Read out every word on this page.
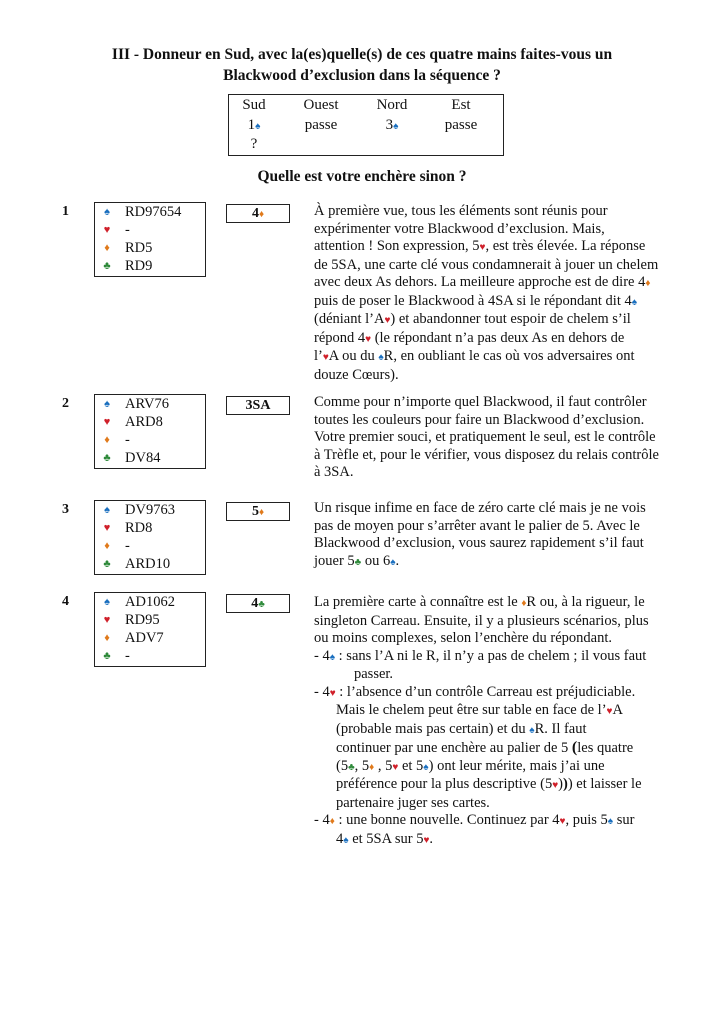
III - Donneur en Sud, avec la(es)quelle(s) de ces quatre mains faites-vous un
Blackwood d’exclusion dans la séquence ?
Sud	Ouest	Nord	Est
1♠	passe	3♠	passe
?
Quelle est votre enchère sinon ?
1	♠ RD97654
♥ -
♦ RD5
♣ RD9
4♦	À première vue, tous les éléments sont réunis pour

expérimenter votre Blackwood d’exclusion. Mais,

attention ! Son expression, 5♥, est très élevée. La réponse

de 5SA, une carte clé vous condamnerait à jouer un chelem

avec deux As dehors. La meilleure approche est de dire 4♦

puis de poser le Blackwood à 4SA si le répondant dit 4♠

(déniant l’A♥) et abandonner tout espoir de chelem s’il

répond 4♥ (le répondant n’a pas deux As en dehors de

l’♥A ou du ♠R, en oubliant le cas où vos adversaires ont

douze Cœurs).

2	♠ ARV76
♥ ARD8
♦ -
♣ DV84
3SA	Comme pour n’importe quel Blackwood, il faut contrôler

toutes les couleurs pour faire un Blackwood d’exclusion.

Votre premier souci, et pratiquement le seul, est le contrôle

à Trèfle et, pour le vérifier, vous disposez du relais contrôle

à 3SA.

3	♠ DV9763
♥ RD8
♦ -
♣ ARD10
5♦	Un risque infime en face de zéro carte clé mais je ne vois

pas de moyen pour s’arrêter avant le palier de 5. Avec le

Blackwood d’exclusion, vous saurez rapidement s’il faut

jouer 5♣ ou 6♠.

4	♠ AD1062
♥ RD95
♦ ADV7
♣ -
4♣	La première carte à connaître est le ♦R ou, à la rigueur, le

singleton Carreau. Ensuite, il y a plusieurs scénarios, plus

ou moins complexes, selon l’enchère du répondant.

- 4♠ : sans l’A ni le R, il n’y a pas de chelem ; il vous faut

passer.

- 4♥ : l’absence d’un contrôle Carreau est préjudiciable.

Mais le chelem peut être sur table en face de l’♥A

(probable mais pas certain) et du ♠R. Il faut

continuer par une enchère au palier de 5 (les quatre

(5♣, 5♦ , 5♥ et 5♠) ont leur mérite, mais j’ai une

préférence pour la plus descriptive (5♥))) et laisser le

partenaire juger ses cartes.

- 4♦ : une bonne nouvelle. Continuez par 4♥, puis 5♠ sur

4♠ et 5SA sur 5♥.
